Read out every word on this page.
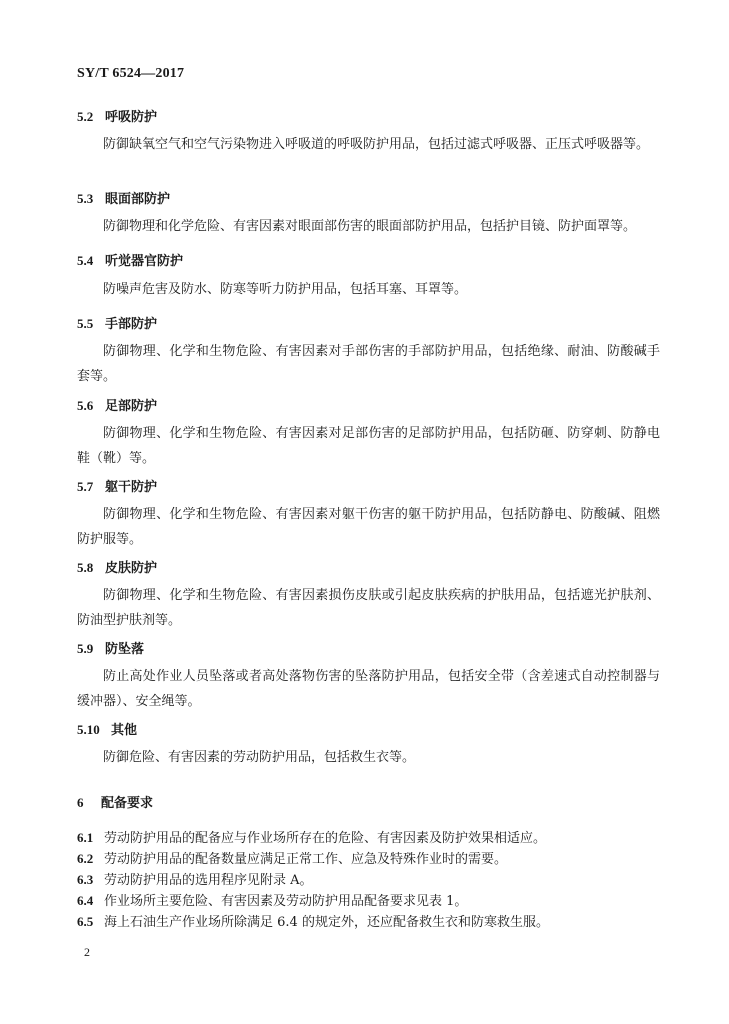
SY/T 6524—2017
5.2 呼吸防护
防御缺氧空气和空气污染物进入呼吸道的呼吸防护用品，包括过滤式呼吸器、正压式呼吸器等。
5.3 眼面部防护
防御物理和化学危险、有害因素对眼面部伤害的眼面部防护用品，包括护目镜、防护面罩等。
5.4 听觉器官防护
防噪声危害及防水、防寒等听力防护用品，包括耳塞、耳罩等。
5.5 手部防护
防御物理、化学和生物危险、有害因素对手部伤害的手部防护用品，包括绝缘、耐油、防酸碱手套等。
5.6 足部防护
防御物理、化学和生物危险、有害因素对足部伤害的足部防护用品，包括防砸、防穿刺、防静电鞋（靴）等。
5.7 躯干防护
防御物理、化学和生物危险、有害因素对躯干伤害的躯干防护用品，包括防静电、防酸碱、阻燃防护服等。
5.8 皮肤防护
防御物理、化学和生物危险、有害因素损伤皮肤或引起皮肤疾病的护肤用品，包括遮光护肤剂、防油型护肤剂等。
5.9 防坠落
防止高处作业人员坠落或者高处落物伤害的坠落防护用品，包括安全带（含差速式自动控制器与缓冲器）、安全绳等。
5.10 其他
防御危险、有害因素的劳动防护用品，包括救生衣等。
6 配备要求
6.1 劳动防护用品的配备应与作业场所存在的危险、有害因素及防护效果相适应。
6.2 劳动防护用品的配备数量应满足正常工作、应急及特殊作业时的需要。
6.3 劳动防护用品的选用程序见附录 A。
6.4 作业场所主要危险、有害因素及劳动防护用品配备要求见表 1。
6.5 海上石油生产作业场所除满足 6.4 的规定外，还应配备救生衣和防寒救生服。
2
